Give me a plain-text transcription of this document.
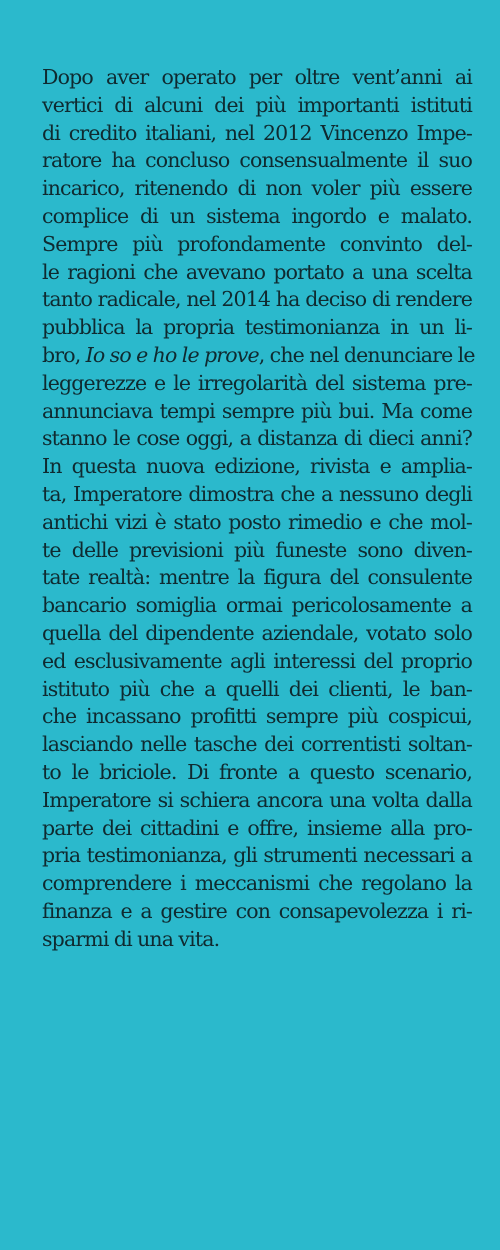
Dopo aver operato per oltre vent’anni ai
vertici di alcuni dei più importanti istituti
di credito italiani, nel 2012 Vincenzo Impe-
ratore ha concluso consensualmente il suo
incarico, ritenendo di non voler più essere
complice di un sistema ingordo e malato.
Sempre più profondamente convinto del-
le ragioni che avevano portato a una scelta
tanto radicale, nel 2014 ha deciso di rendere
pubblica la propria testimonianza in un li-
bro, Io so e ho le prove, che nel denunciare le
leggerezze e le irregolarità del sistema pre-
annunciava tempi sempre più bui. Ma come
stanno le cose oggi, a distanza di dieci anni?
In questa nuova edizione, rivista e amplia-
ta, Imperatore dimostra che a nessuno degli
antichi vizi è stato posto rimedio e che mol-
te delle previsioni più funeste sono diven-
tate realtà: mentre la figura del consulente
bancario somiglia ormai pericolosamente a
quella del dipendente aziendale, votato solo
ed esclusivamente agli interessi del proprio
istituto più che a quelli dei clienti, le ban-
che incassano profitti sempre più cospicui,
lasciando nelle tasche dei correntisti soltan-
to le briciole. Di fronte a questo scenario,
Imperatore si schiera ancora una volta dalla
parte dei cittadini e offre, insieme alla pro-
pria testimonianza, gli strumenti necessari a
comprendere i meccanismi che regolano la
finanza e a gestire con consapevolezza i ri-
sparmi di una vita.
